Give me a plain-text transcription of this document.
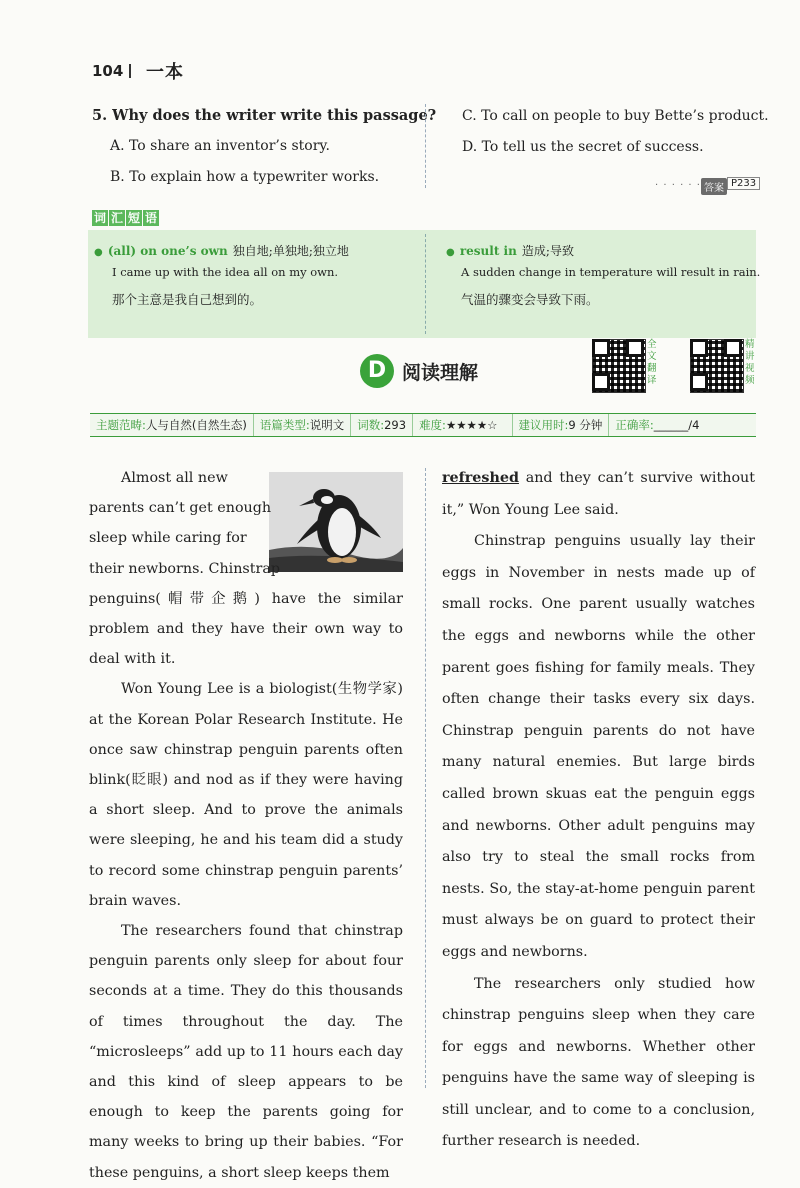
104 一本
5. Why does the writer write this passage?
A. To share an inventor’s story.
B. To explain how a typewriter works.
C. To call on people to buy Bette’s product.
D. To tell us the secret of success.
· · · · · · 答案 P233
词 汇 短 语
● (all) on one’s own 独自地;单独地;独立地
I came up with the idea all on my own.
那个主意是我自己想到的。
● result in 造成;导致
A sudden change in temperature will result in rain.
气温的骤变会导致下雨。
D 阅读理解
全
文
翻
译
精
讲
视
频
主题范畴: 人与自然(自然生态) 语篇类型: 说明文 词数: 293 难度: ★★★★☆ 建议用时: 9 分钟 正确率: ______/4
Almost all new
parents can’t get enough
sleep while caring for
their newborns. Chinstrap
penguins(帽带企鹅) have the similar problem and they have their own way to deal with it.
Won Young Lee is a biologist(生物学家) at the Korean Polar Research Institute. He once saw chinstrap penguin parents often blink(眨眼) and nod as if they were having a short sleep. And to prove the animals were sleeping, he and his team did a study to record some chinstrap penguin parents’ brain waves.
The researchers found that chinstrap penguin parents only sleep for about four seconds at a time. They do this thousands of times throughout the day. The “microsleeps” add up to 11 hours each day and this kind of sleep appears to be enough to keep the parents going for many weeks to bring up their babies. “For these penguins, a short sleep keeps them
refreshed and they can’t survive without it,” Won Young Lee said.
Chinstrap penguins usually lay their eggs in November in nests made up of small rocks. One parent usually watches the eggs and newborns while the other parent goes fishing for family meals. They often change their tasks every six days. Chinstrap penguin parents do not have many natural enemies. But large birds called brown skuas eat the penguin eggs and newborns. Other adult penguins may also try to steal the small rocks from nests. So, the stay-at-home penguin parent must always be on guard to protect their eggs and newborns.
The researchers only studied how chinstrap penguins sleep when they care for eggs and newborns. Whether other penguins have the same way of sleeping is still unclear, and to come to a conclusion, further research is needed.
